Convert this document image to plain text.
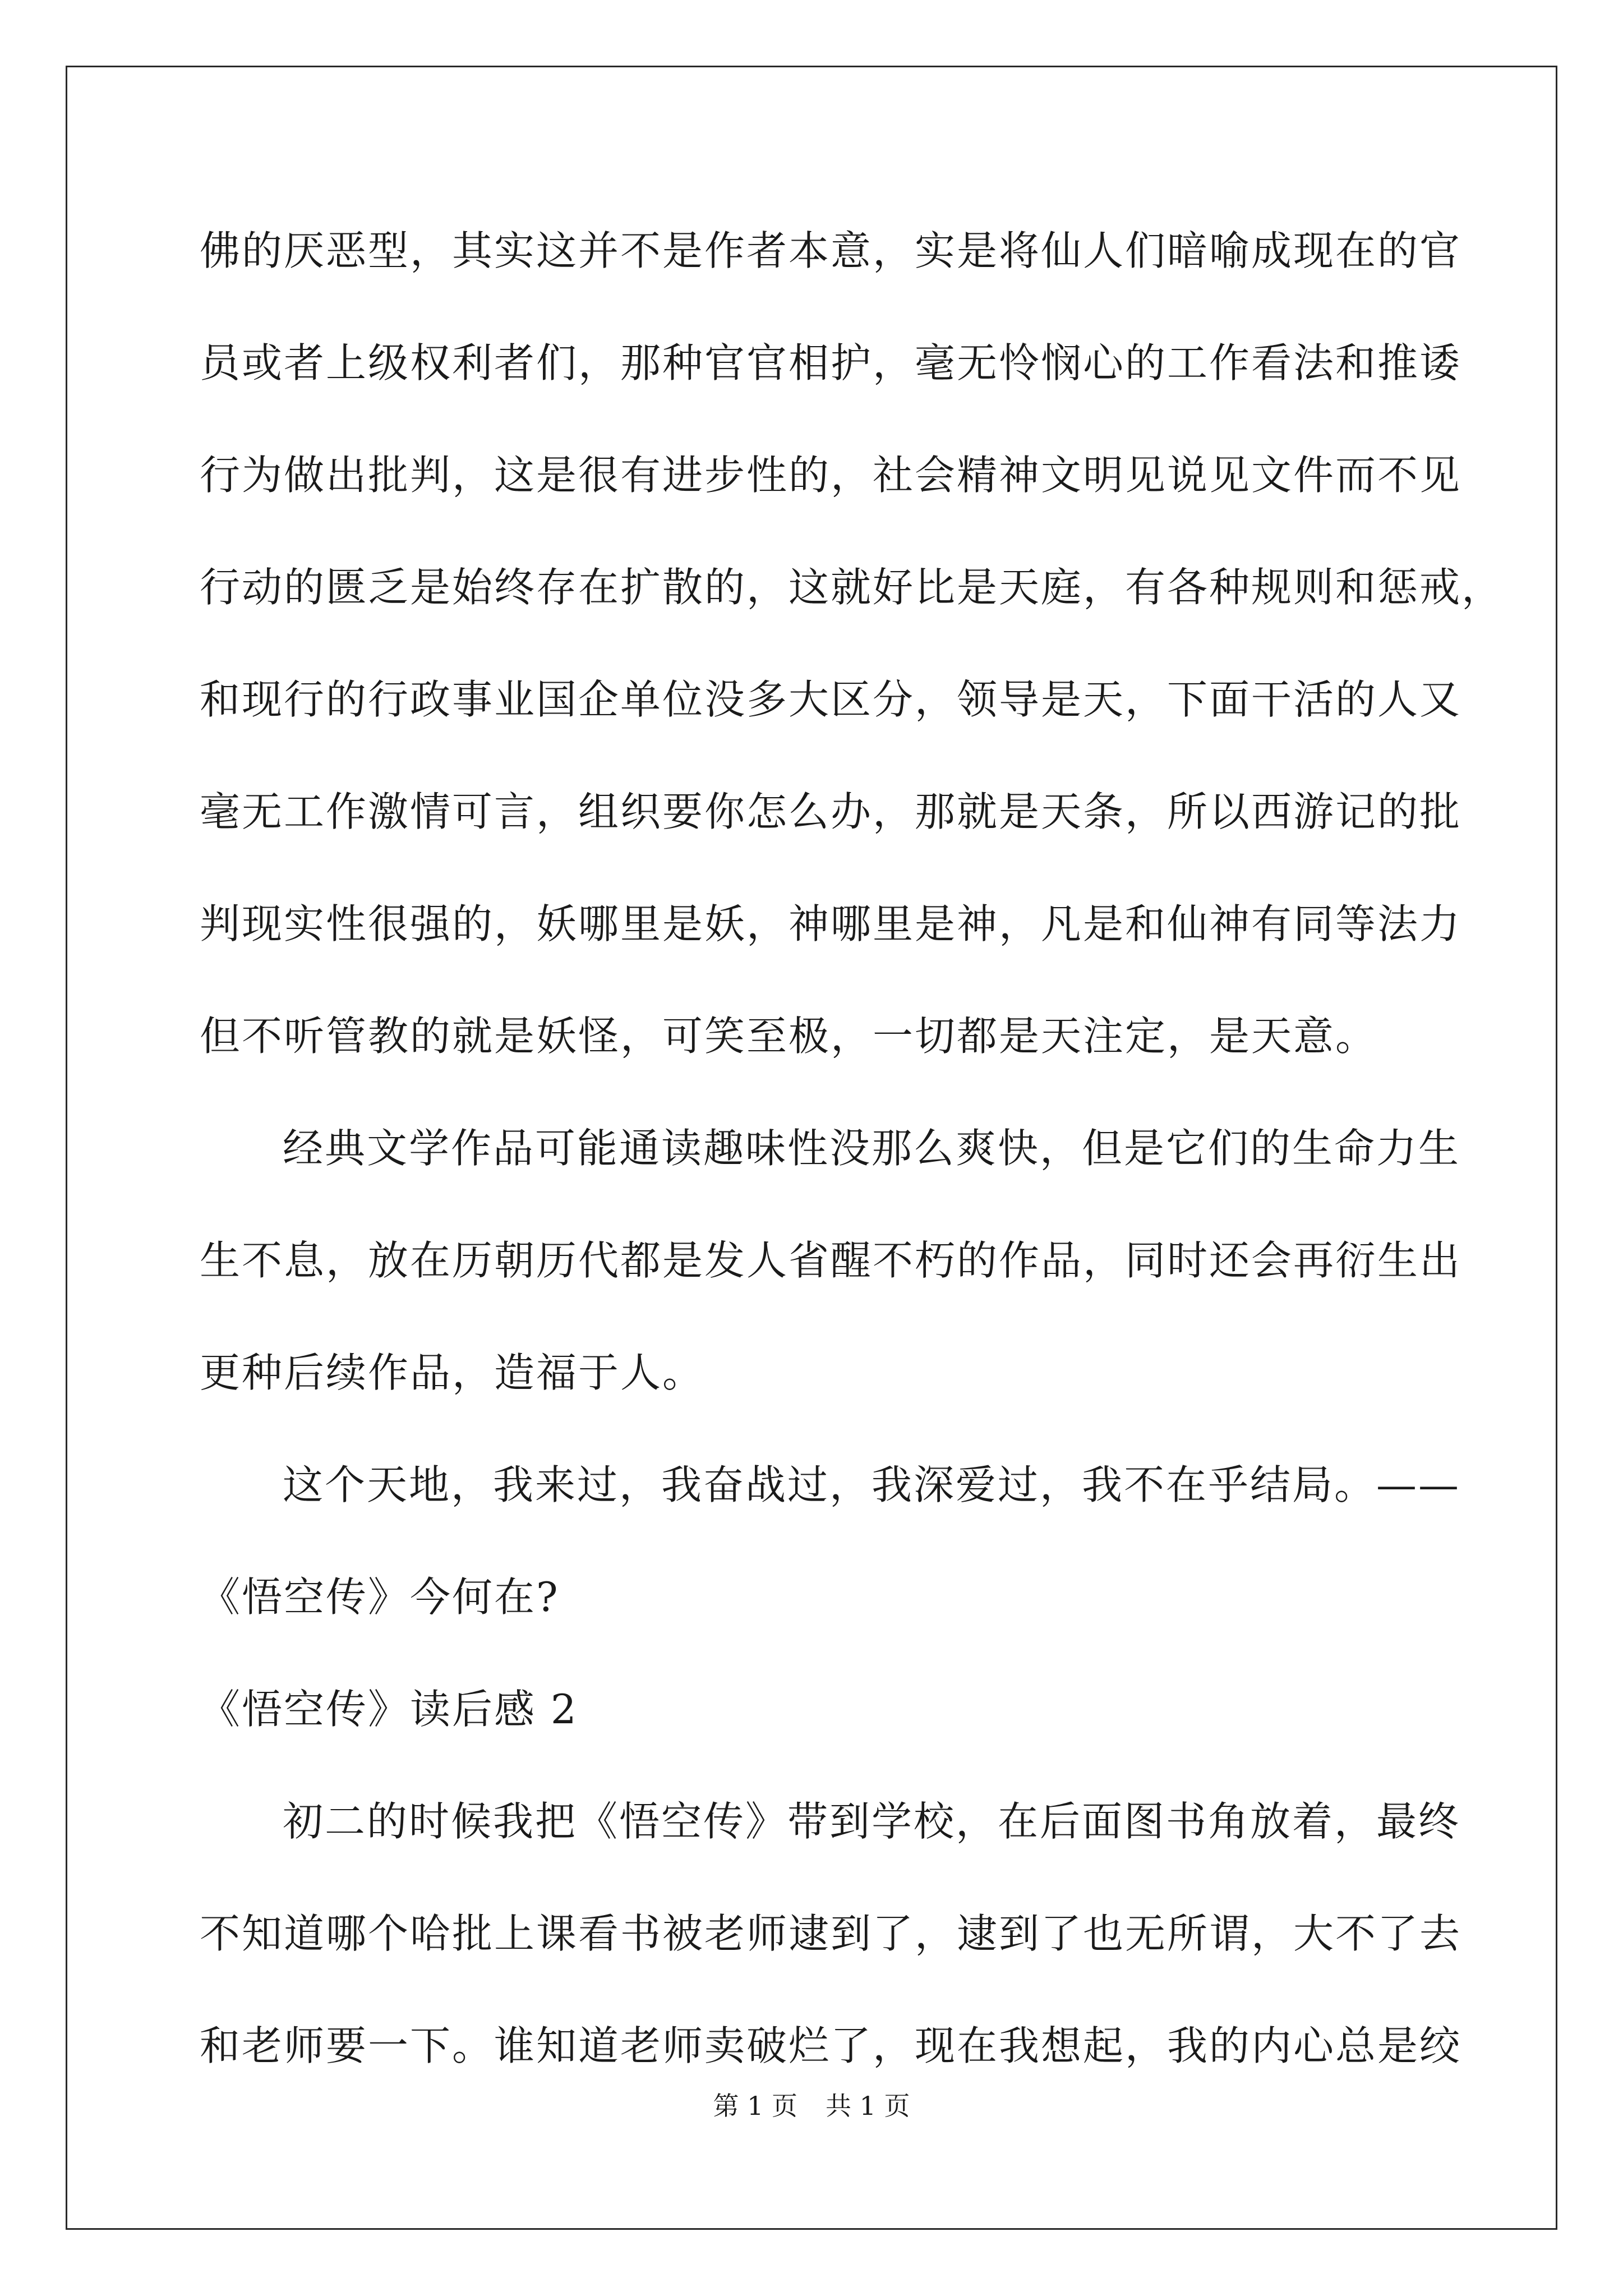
佛的厌恶型，其实这并不是作者本意，实是将仙人们暗喻成现在的官
员或者上级权利者们，那种官官相护，毫无怜悯心的工作看法和推诿
行为做出批判，这是很有进步性的，社会精神文明见说见文件而不见
行动的匮乏是始终存在扩散的，这就好比是天庭，有各种规则和惩戒，
和现行的行政事业国企单位没多大区分，领导是天，下面干活的人又
毫无工作激情可言，组织要你怎么办，那就是天条，所以西游记的批
判现实性很强的，妖哪里是妖，神哪里是神，凡是和仙神有同等法力
但不听管教的就是妖怪，可笑至极，一切都是天注定，是天意。
经典文学作品可能通读趣味性没那么爽快，但是它们的生命力生
生不息，放在历朝历代都是发人省醒不朽的作品，同时还会再衍生出
更种后续作品，造福于人。
这个天地，我来过，我奋战过，我深爱过，我不在乎结局。——
《悟空传》今何在?
《悟空传》读后感 2
初二的时候我把《悟空传》带到学校，在后面图书角放着，最终
不知道哪个哈批上课看书被老师逮到了，逮到了也无所谓，大不了去
和老师要一下。谁知道老师卖破烂了，现在我想起，我的内心总是绞
第 1 页 共 1 页
